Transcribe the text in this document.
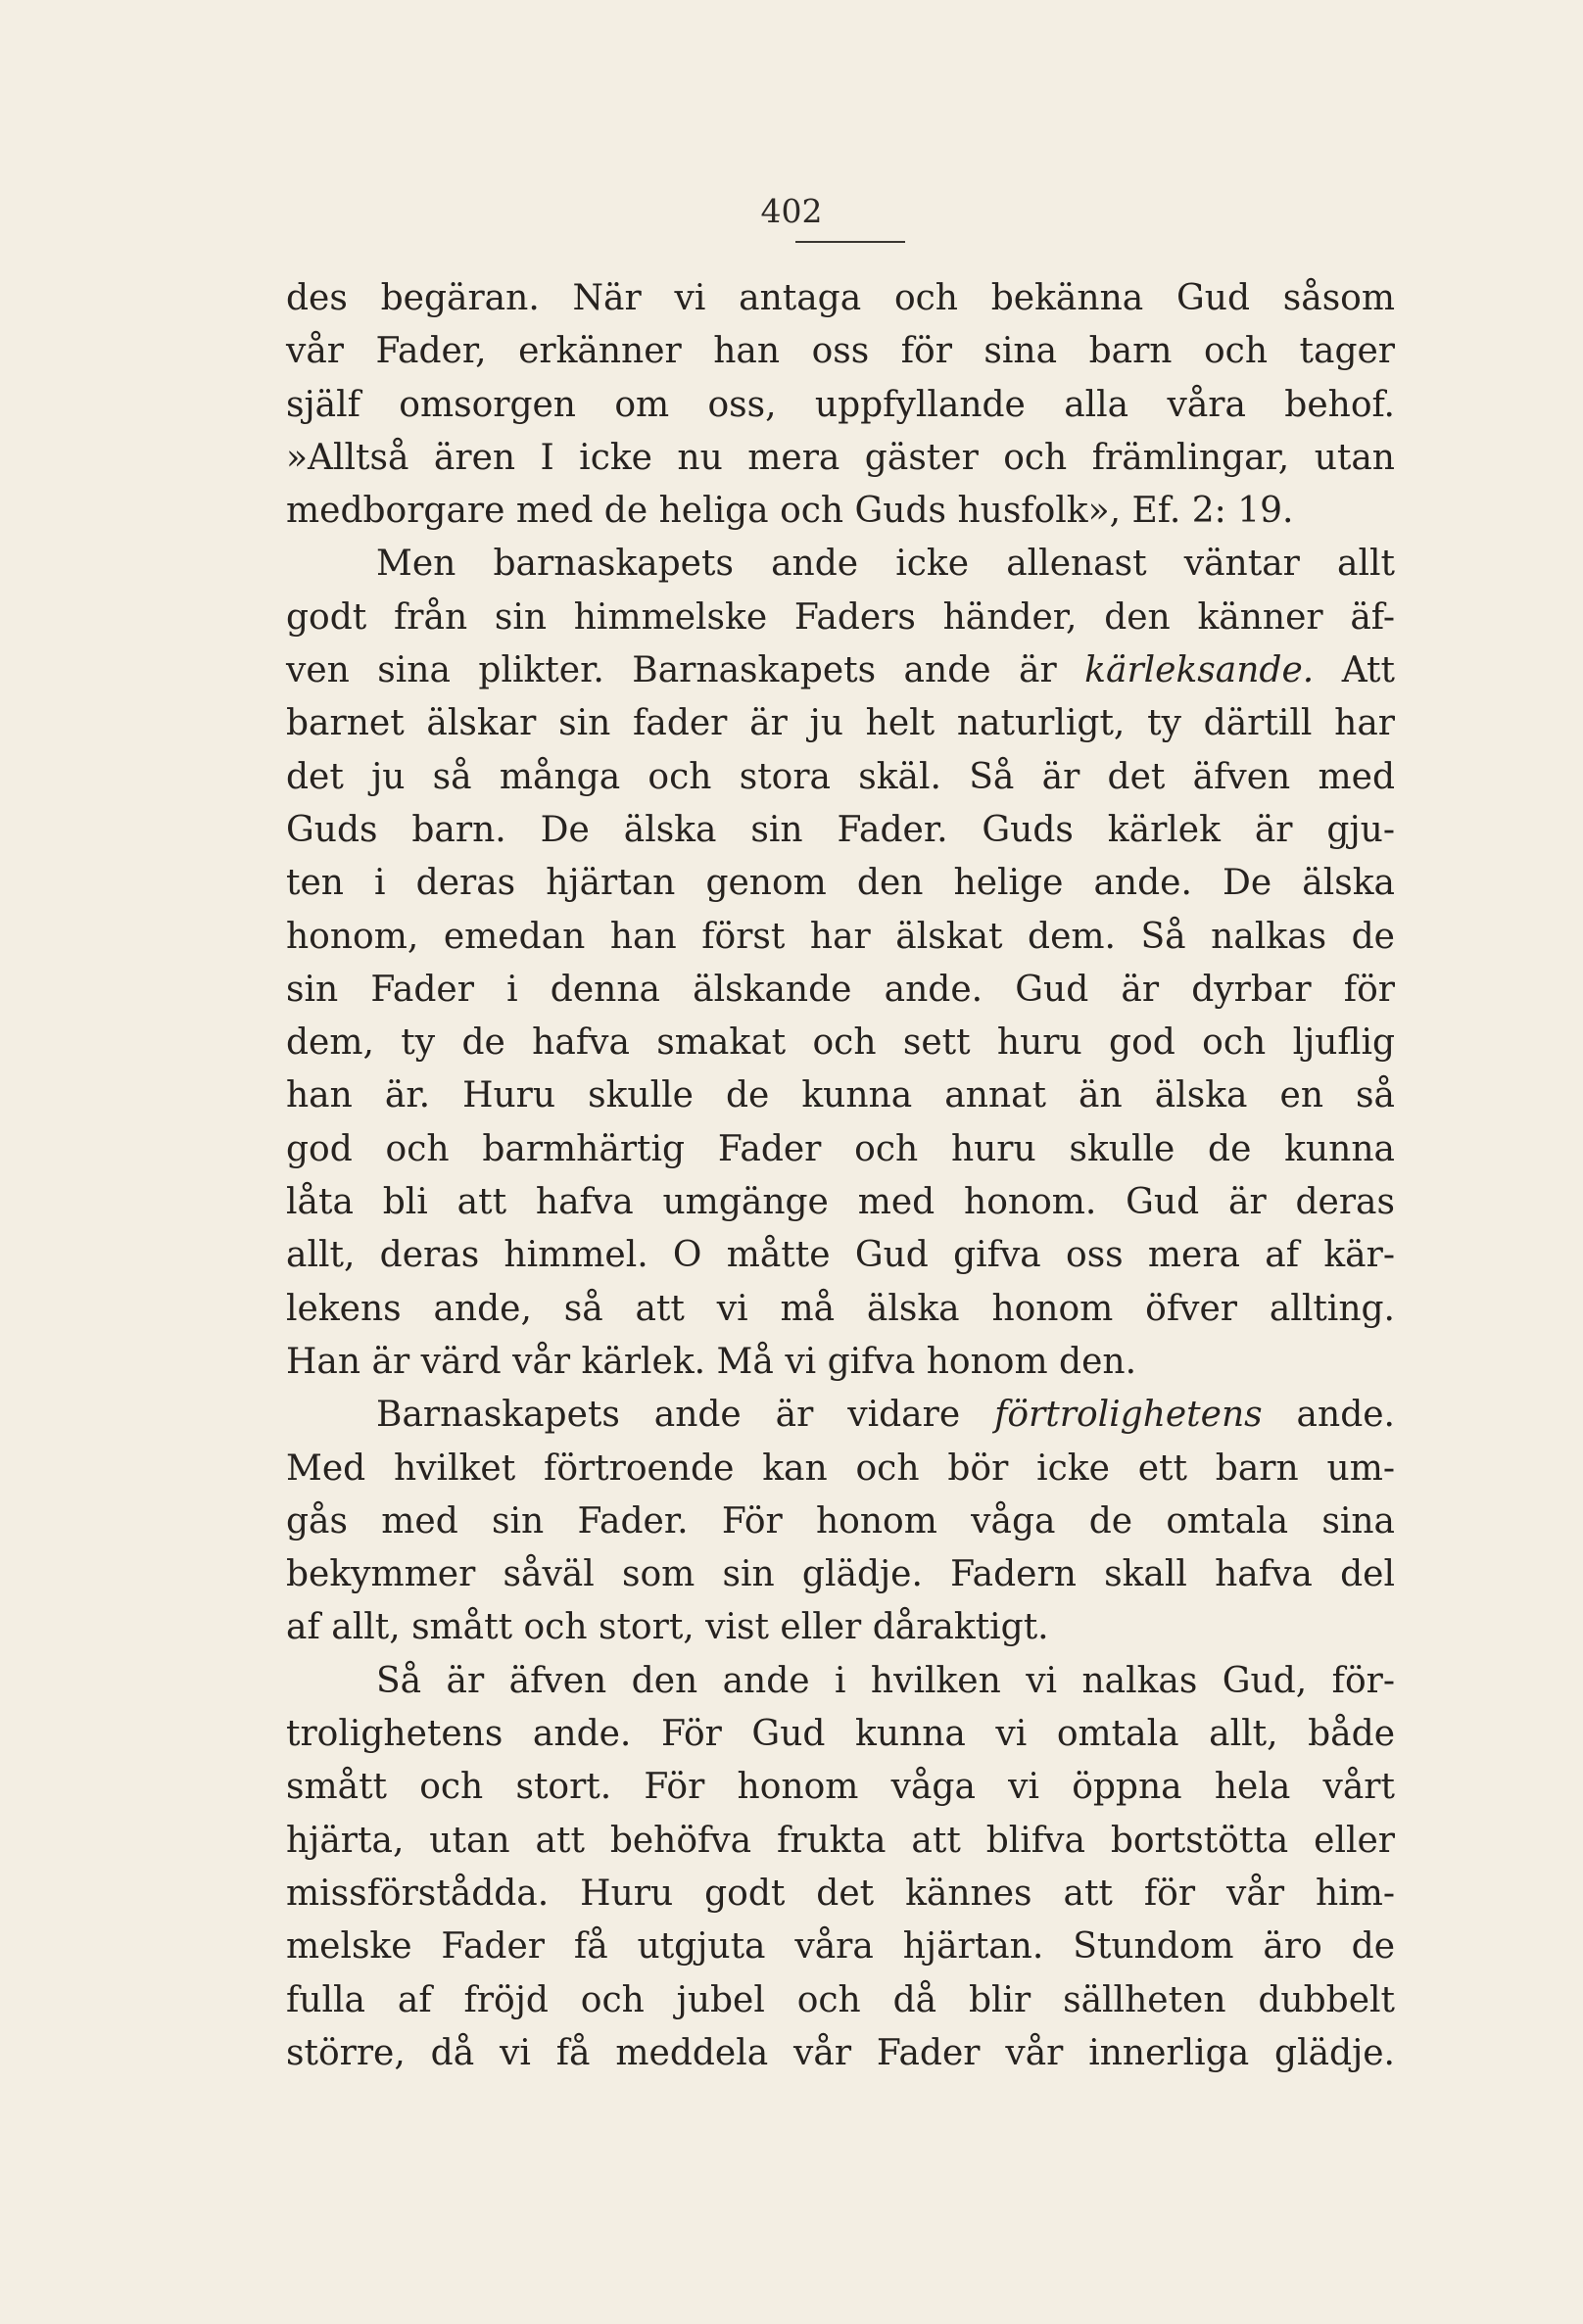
402
des begäran. När vi antaga och bekänna Gud såsom
vår Fader, erkänner han oss för sina barn och tager
själf omsorgen om oss, uppfyllande alla våra behof.
»Alltså ären I icke nu mera gäster och främlingar, utan
medborgare med de heliga och Guds husfolk», Ef. 2: 19.
Men barnaskapets ande icke allenast väntar allt
godt från sin himmelske Faders händer, den känner äf-
ven sina plikter. Barnaskapets ande är kärleksande. Att
barnet älskar sin fader är ju helt naturligt, ty därtill har
det ju så många och stora skäl. Så är det äfven med
Guds barn. De älska sin Fader. Guds kärlek är gju-
ten i deras hjärtan genom den helige ande. De älska
honom, emedan han först har älskat dem. Så nalkas de
sin Fader i denna älskande ande. Gud är dyrbar för
dem, ty de hafva smakat och sett huru god och ljuflig
han är. Huru skulle de kunna annat än älska en så
god och barmhärtig Fader och huru skulle de kunna
låta bli att hafva umgänge med honom. Gud är deras
allt, deras himmel. O måtte Gud gifva oss mera af kär-
lekens ande, så att vi må älska honom öfver allting.
Han är värd vår kärlek. Må vi gifva honom den.
Barnaskapets ande är vidare förtrolighetens ande.
Med hvilket förtroende kan och bör icke ett barn um-
gås med sin Fader. För honom våga de omtala sina
bekymmer såväl som sin glädje. Fadern skall hafva del
af allt, smått och stort, vist eller dåraktigt.
Så är äfven den ande i hvilken vi nalkas Gud, för-
trolighetens ande. För Gud kunna vi omtala allt, både
smått och stort. För honom våga vi öppna hela vårt
hjärta, utan att behöfva frukta att blifva bortstötta eller
missförstådda. Huru godt det kännes att för vår him-
melske Fader få utgjuta våra hjärtan. Stundom äro de
fulla af fröjd och jubel och då blir sällheten dubbelt
större, då vi få meddela vår Fader vår innerliga glädje.
